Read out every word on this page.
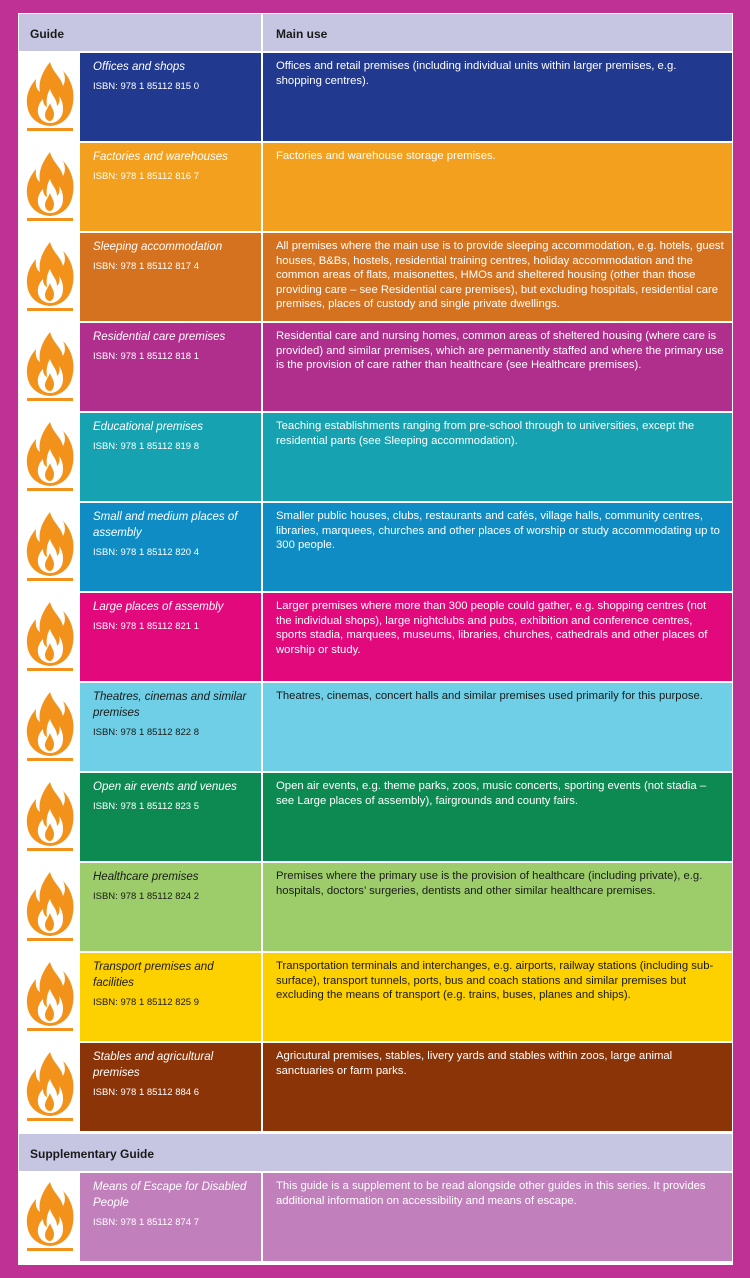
Guide	Main use
Offices and shops
ISBN: 978 1 85112 815 0
Offices and retail premises (including individual units within larger premises, e.g. shopping centres).
Factories and warehouses
ISBN: 978 1 85112 816 7
Factories and warehouse storage premises.
Sleeping accommodation
ISBN: 978 1 85112 817 4
All premises where the main use is to provide sleeping accommodation, e.g. hotels, guest houses, B&Bs, hostels, residential training centres, holiday accommodation and the common areas of flats, maisonettes, HMOs and sheltered housing (other than those providing care – see Residential care premises), but excluding hospitals, residential care premises, places of custody and single private dwellings.
Residential care premises
ISBN: 978 1 85112 818 1
Residential care and nursing homes, common areas of sheltered housing (where care is provided) and similar premises, which are permanently staffed and where the primary use is the provision of care rather than healthcare (see Healthcare premises).
Educational premises
ISBN: 978 1 85112 819 8
Teaching establishments ranging from pre-school through to universities, except the residential parts (see Sleeping accommodation).
Small and medium places of assembly
ISBN: 978 1 85112 820 4
Smaller public houses, clubs, restaurants and cafés, village halls, community centres, libraries, marquees, churches and other places of worship or study accommodating up to 300 people.
Large places of assembly
ISBN: 978 1 85112 821 1
Larger premises where more than 300 people could gather, e.g. shopping centres (not the individual shops), large nightclubs and pubs, exhibition and conference centres, sports stadia, marquees, museums, libraries, churches, cathedrals and other places of worship or study.
Theatres, cinemas and similar premises
ISBN: 978 1 85112 822 8
Theatres, cinemas, concert halls and similar premises used primarily for this purpose.
Open air events and venues
ISBN: 978 1 85112 823 5
Open air events, e.g. theme parks, zoos, music concerts, sporting events (not stadia – see Large places of assembly), fairgrounds and county fairs.
Healthcare premises
ISBN: 978 1 85112 824 2
Premises where the primary use is the provision of healthcare (including private), e.g. hospitals, doctors’ surgeries, dentists and other similar healthcare premises.
Transport premises and facilities
ISBN: 978 1 85112 825 9
Transportation terminals and interchanges, e.g. airports, railway stations (including sub-surface), transport tunnels, ports, bus and coach stations and similar premises but excluding the means of transport (e.g. trains, buses, planes and ships).
Stables and agricultural premises
ISBN: 978 1 85112 884 6
Agricutural premises, stables, livery yards and stables within zoos, large animal sanctuaries or farm parks.
Supplementary Guide
Means of Escape for Disabled People
ISBN: 978 1 85112 874 7
This guide is a supplement to be read alongside other guides in this series. It provides additional information on accessibility and means of escape.
